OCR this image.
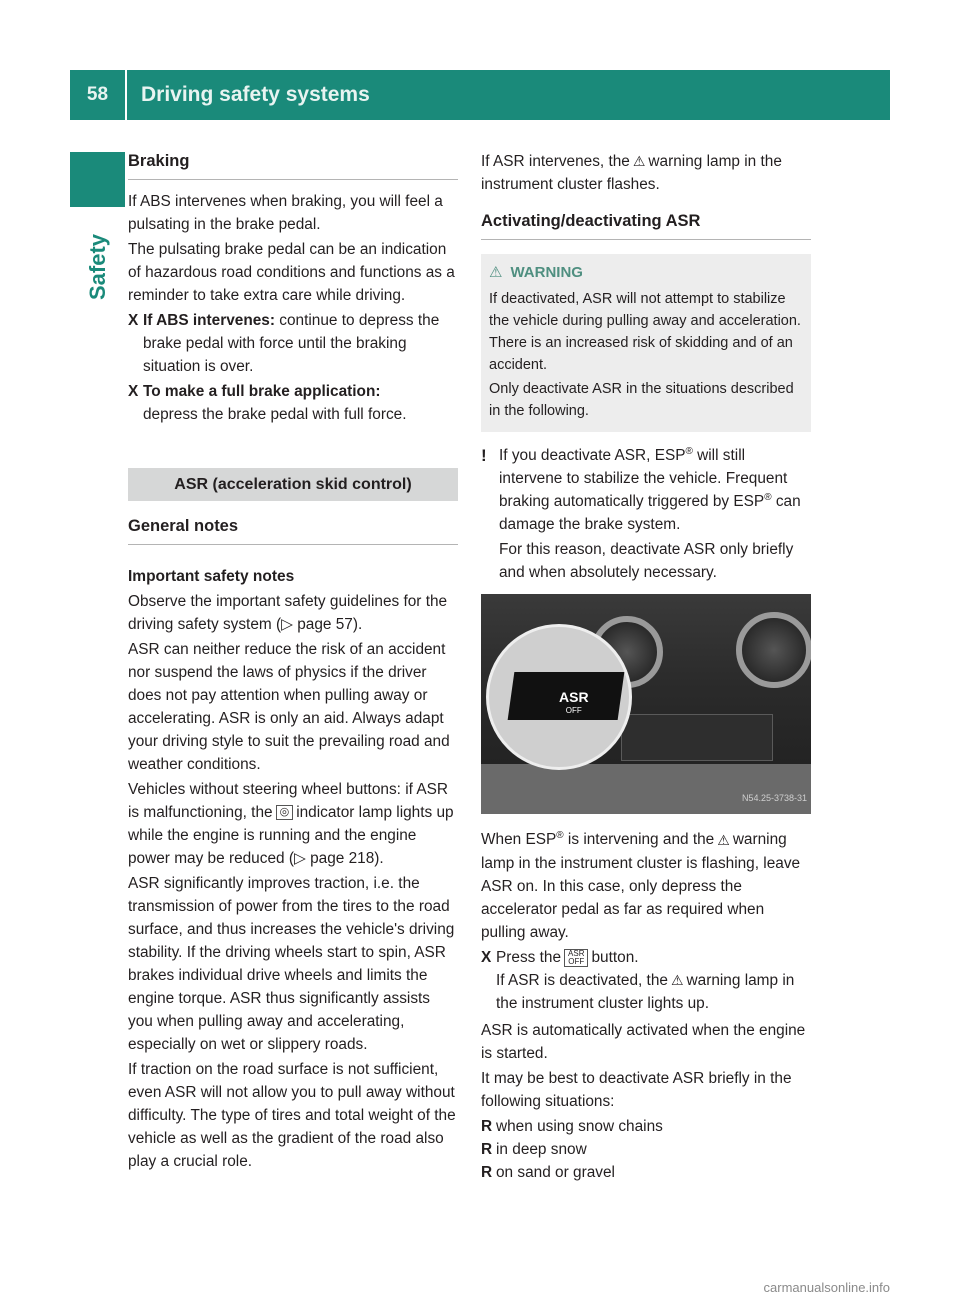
58	Driving safety systems
Safety
Braking

If ABS intervenes when braking, you will feel a pulsating in the brake pedal.

The pulsating brake pedal can be an indication of hazardous road conditions and functions as a reminder to take extra care while driving.

X If ABS intervenes: continue to depress the brake pedal with force until the braking situation is over.
X To make a full brake application:
depress the brake pedal with full force.
ASR (acceleration skid control)
General notes
Important safety notes

Observe the important safety guidelines for the driving safety system (▷ page 57).

ASR can neither reduce the risk of an accident nor suspend the laws of physics if the driver does not pay attention when pulling away or accelerating. ASR is only an aid. Always adapt your driving style to suit the prevailing road and weather conditions.

Vehicles without steering wheel buttons: if ASR is malfunctioning, the ◎ indicator lamp lights up while the engine is running and the engine power may be reduced (▷ page 218).

ASR significantly improves traction, i.e. the transmission of power from the tires to the road surface, and thus increases the vehicle's driving stability. If the driving wheels start to spin, ASR brakes individual drive wheels and limits the engine torque. ASR thus significantly assists you when pulling away and accelerating, especially on wet or slippery roads.

If traction on the road surface is not sufficient, even ASR will not allow you to pull away without difficulty. The type of tires and total weight of the vehicle as well as the gradient of the road also play a crucial role.

If ASR intervenes, the ⚠ warning lamp in the instrument cluster flashes.

Activating/deactivating ASR
⚠ WARNING

If deactivated, ASR will not attempt to stabilize the vehicle during pulling away and acceleration. There is an increased risk of skidding and of an accident.

Only deactivate ASR in the situations described in the following.

! If you deactivate ASR, ESP® will still intervene to stabilize the vehicle. Frequent braking automatically triggered by ESP® can damage the brake system.

For this reason, deactivate ASR only briefly and when absolutely necessary.

ASR
OFF
N54.25-3738-31

When ESP® is intervening and the ⚠ warning lamp in the instrument cluster is flashing, leave ASR on. In this case, only depress the accelerator pedal as far as required when pulling away.

X Press the ASR
OFF button.
If ASR is deactivated, the ⚠ warning lamp in the instrument cluster lights up.

ASR is automatically activated when the engine is started.

It may be best to deactivate ASR briefly in the following situations:

R when using snow chains
R in deep snow
R on sand or gravel
carmanualsonline.info
